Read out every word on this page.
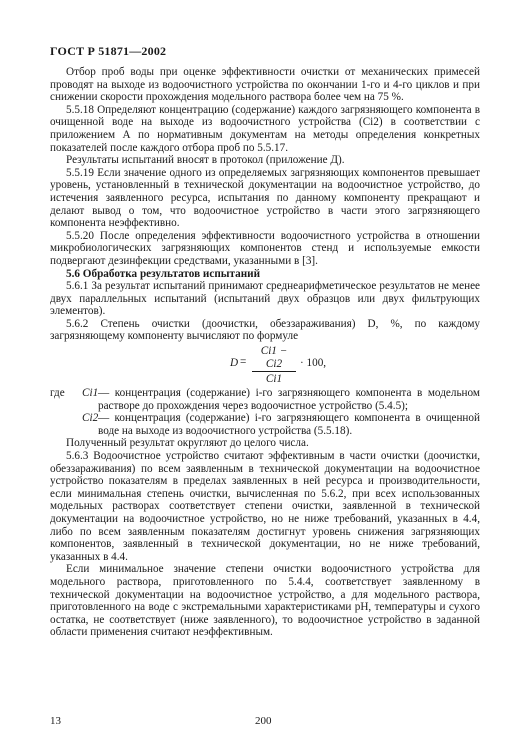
ГОСТ Р 51871—2002

Отбор проб воды при оценке эффективности очистки от механических примесей проводят на выходе из водоочистного устройства по окончании 1-го и 4-го циклов и при снижении скорости прохождения модельного раствора более чем на 75 %.

5.5.18 Определяют концентрацию (содержание) каждого загрязняющего компонента в очищенной воде на выходе из водоочистного устройства (Ci2) в соответствии с приложением А по нормативным документам на методы определения конкретных показателей после каждого отбора проб по 5.5.17.

Результаты испытаний вносят в протокол (приложение Д).

5.5.19 Если значение одного из определяемых загрязняющих компонентов превышает уровень, установленный в технической документации на водоочистное устройство, до истечения заявленного ресурса, испытания по данному компоненту прекращают и делают вывод о том, что водоочистное устройство в части этого загрязняющего компонента неэффективно.

5.5.20 После определения эффективности водоочистного устройства в отношении микробиологических загрязняющих компонентов стенд и используемые емкости подвергают дезинфекции средствами, указанными в [3].

5.6 Обработка результатов испытаний

5.6.1 За результат испытаний принимают среднеарифметическое результатов не менее двух параллельных испытаний (испытаний двух образцов или двух фильтрующих элементов).

5.6.2 Степень очистки (доочистки, обеззараживания) D, %, по каждому загрязняющему компоненту вычисляют по формуле

$D = \frac{Ci1 - Ci2}{Ci1} \cdot 100$,
где	Ci1 — концентрация (содержание) i-го загрязняющего компонента в модельном растворе до прохождения через водоочистное устройство (5.4.5);
Ci2 — концентрация (содержание) i-го загрязняющего компонента в очищенной воде на выходе из водоочистного устройства (5.5.18).

Полученный результат округляют до целого числа.

5.6.3 Водоочистное устройство считают эффективным в части очистки (доочистки, обеззараживания) по всем заявленным в технической документации на водоочистное устройство показателям в пределах заявленных в ней ресурса и производительности, если минимальная степень очистки, вычисленная по 5.6.2, при всех использованных модельных растворах соответствует степени очистки, заявленной в технической документации на водоочистное устройство, но не ниже требований, указанных в 4.4, либо по всем заявленным показателям достигнут уровень снижения загрязняющих компонентов, заявленный в технической документации, но не ниже требований, указанных в 4.4.

Если минимальное значение степени очистки водоочистного устройства для модельного раствора, приготовленного по 5.4.4, соответствует заявленному в технической документации на водоочистное устройство, а для модельного раствора, приготовленного на воде с экстремальными характеристиками pH, температуры и сухого остатка, не соответствует (ниже заявленного), то водоочистное устройство в заданной области применения считают неэффективным.

13	200
